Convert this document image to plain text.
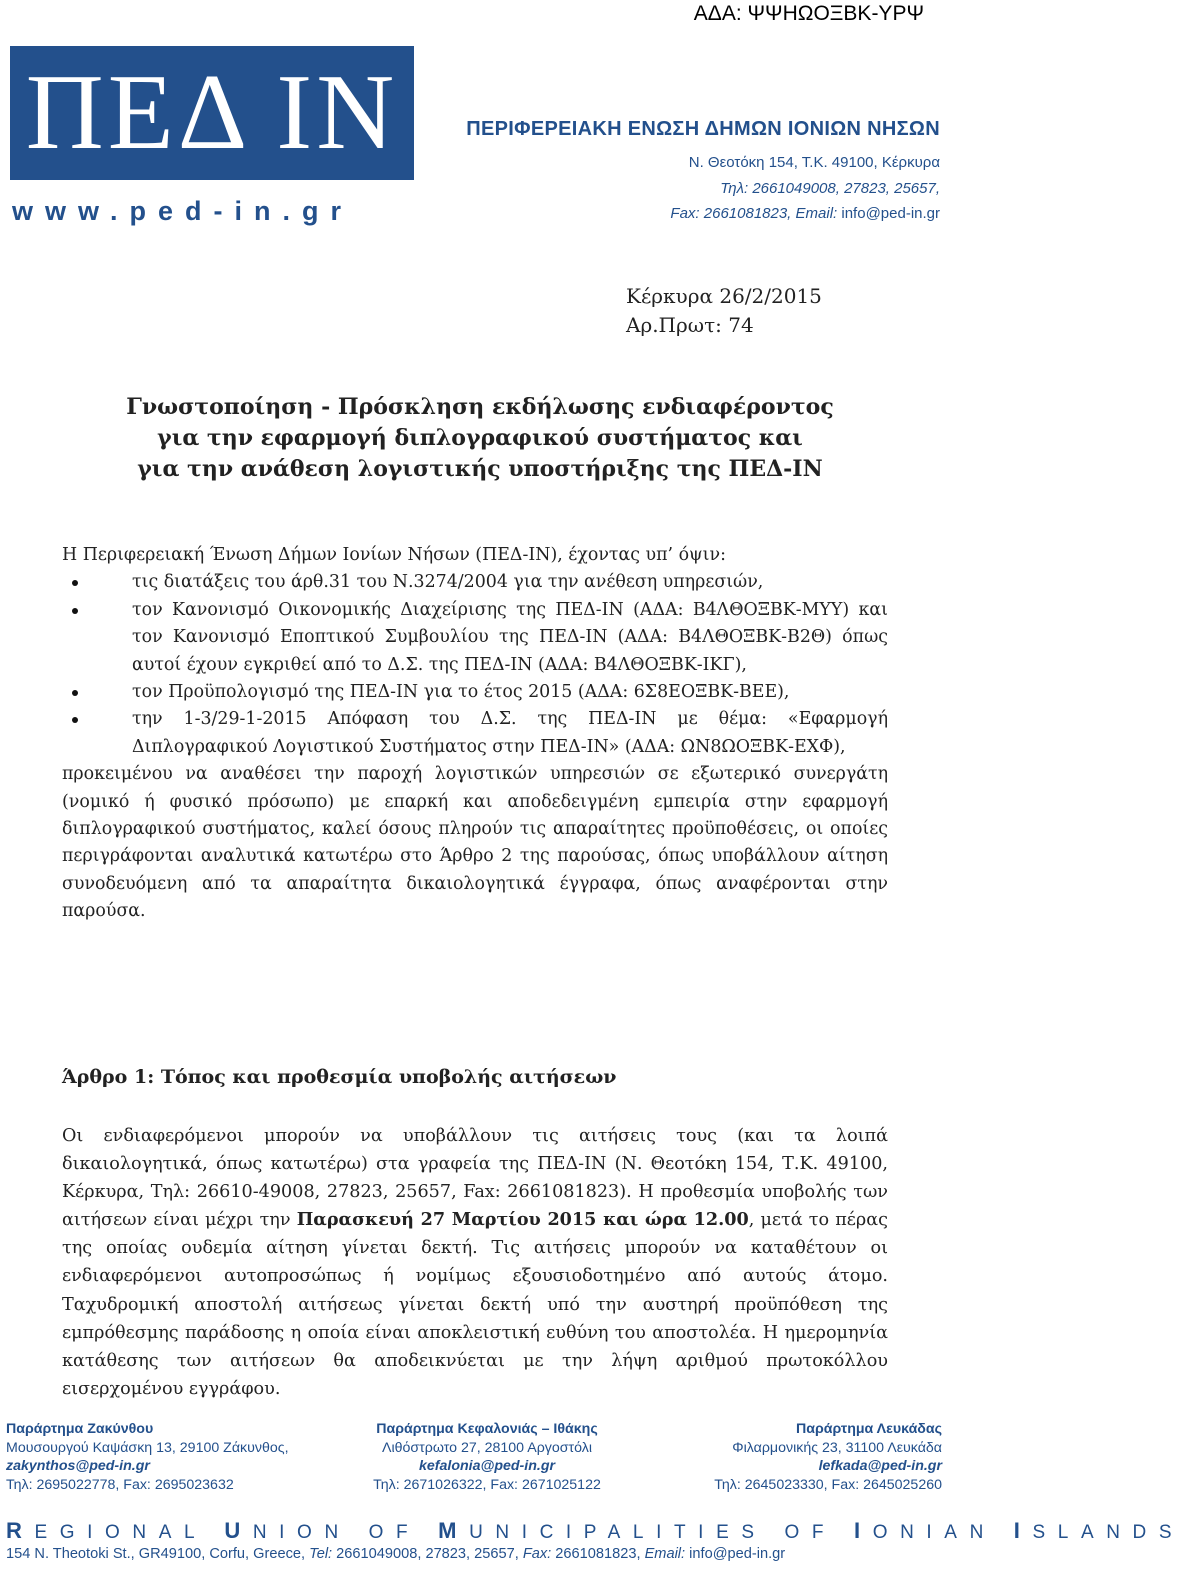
ΑΔΑ: ΨΨΗΩΟΞΒΚ-ΥΡΨ
ΠΕΔ ΙΝ
www.ped-in.gr
ΠΕΡΙΦΕΡΕΙΑΚΗ ΕΝΩΣΗ ΔΗΜΩΝ ΙΟΝΙΩΝ ΝΗΣΩΝ
Ν. Θεοτόκη 154, Τ.Κ. 49100, Κέρκυρα
Τηλ: 2661049008, 27823, 25657,
Fax: 2661081823, Email: info@ped-in.gr
Κέρκυρα 26/2/2015
Αρ.Πρωτ: 74
Γνωστοποίηση - Πρόσκληση εκδήλωσης ενδιαφέροντος
για την εφαρμογή διπλογραφικού συστήματος και
για την ανάθεση λογιστικής υποστήριξης της ΠΕΔ-ΙΝ

Η Περιφερειακή Ένωση Δήμων Ιονίων Νήσων (ΠΕΔ-ΙΝ), έχοντας υπ’ όψιν:

τις διατάξεις του άρθ.31 του Ν.3274/2004 για την ανέθεση υπηρεσιών,
τον Κανονισμό Οικονομικής Διαχείρισης της ΠΕΔ-ΙΝ (ΑΔΑ: Β4ΛΘΟΞΒΚ-ΜΥΥ) και τον Κανονισμό Εποπτικού Συμβουλίου της ΠΕΔ-ΙΝ (ΑΔΑ: Β4ΛΘΟΞΒΚ-Β2Θ) όπως αυτοί έχουν εγκριθεί από το Δ.Σ. της ΠΕΔ-ΙΝ (ΑΔΑ: Β4ΛΘΟΞΒΚ-ΙΚΓ),
τον Προϋπολογισμό της ΠΕΔ-ΙΝ για το έτος 2015 (ΑΔΑ: 6Σ8ΕΟΞΒΚ-ΒΕΕ),
την 1-3/29-1-2015 Απόφαση του Δ.Σ. της ΠΕΔ-ΙΝ με θέμα: «Εφαρμογή Διπλογραφικού Λογιστικού Συστήματος στην ΠΕΔ-ΙΝ» (ΑΔΑ: ΩΝ8ΩΟΞΒΚ-ΕΧΦ),

προκειμένου να αναθέσει την παροχή λογιστικών υπηρεσιών σε εξωτερικό συνεργάτη (νομικό ή φυσικό πρόσωπο) με επαρκή και αποδεδειγμένη εμπειρία στην εφαρμογή διπλογραφικού συστήματος, καλεί όσους πληρούν τις απαραίτητες προϋποθέσεις, οι οποίες περιγράφονται αναλυτικά κατωτέρω στο Άρθρο 2 της παρούσας, όπως υποβάλλουν αίτηση συνοδευόμενη από τα απαραίτητα δικαιολογητικά έγγραφα, όπως αναφέρονται στην παρούσα.

Άρθρο 1: Τόπος και προθεσμία υποβολής αιτήσεων
Οι ενδιαφερόμενοι μπορούν να υποβάλλουν τις αιτήσεις τους (και τα λοιπά δικαιολογητικά, όπως κατωτέρω) στα γραφεία της ΠΕΔ-ΙΝ (Ν. Θεοτόκη 154, Τ.Κ. 49100, Κέρκυρα, Τηλ: 26610-49008, 27823, 25657, Fax: 2661081823). Η προθεσμία υποβολής των αιτήσεων είναι μέχρι την Παρασκευή 27 Μαρτίου 2015 και ώρα 12.00, μετά το πέρας της οποίας ουδεμία αίτηση γίνεται δεκτή. Τις αιτήσεις μπορούν να καταθέτουν οι ενδιαφερόμενοι αυτοπροσώπως ή νομίμως εξουσιοδοτημένο από αυτούς άτομο. Ταχυδρομική αποστολή αιτήσεως γίνεται δεκτή υπό την αυστηρή προϋπόθεση της εμπρόθεσμης παράδοσης η οποία είναι αποκλειστική ευθύνη του αποστολέα. Η ημερομηνία κατάθεσης των αιτήσεων θα αποδεικνύεται με την λήψη αριθμού πρωτοκόλλου εισερχομένου εγγράφου.
Παράρτημα Ζακύνθου
Μουσουργού Καψάσκη 13, 29100 Ζάκυνθος,
zakynthos@ped-in.gr
Τηλ: 2695022778, Fax: 2695023632
Παράρτημα Κεφαλονιάς – Ιθάκης
Λιθόστρωτο 27, 28100 Αργοστόλι
kefalonia@ped-in.gr
Τηλ: 2671026322, Fax: 2671025122
Παράρτημα Λευκάδας
Φιλαρμονικής 23, 31100 Λευκάδα
lefkada@ped-in.gr
Τηλ: 2645023330, Fax: 2645025260
REGIONAL UNION OF MUNICIPALITIES OF IONIAN ISLANDS
154 N. Theotoki St., GR49100, Corfu, Greece, Tel: 2661049008, 27823, 25657, Fax: 2661081823, Email: info@ped-in.gr
